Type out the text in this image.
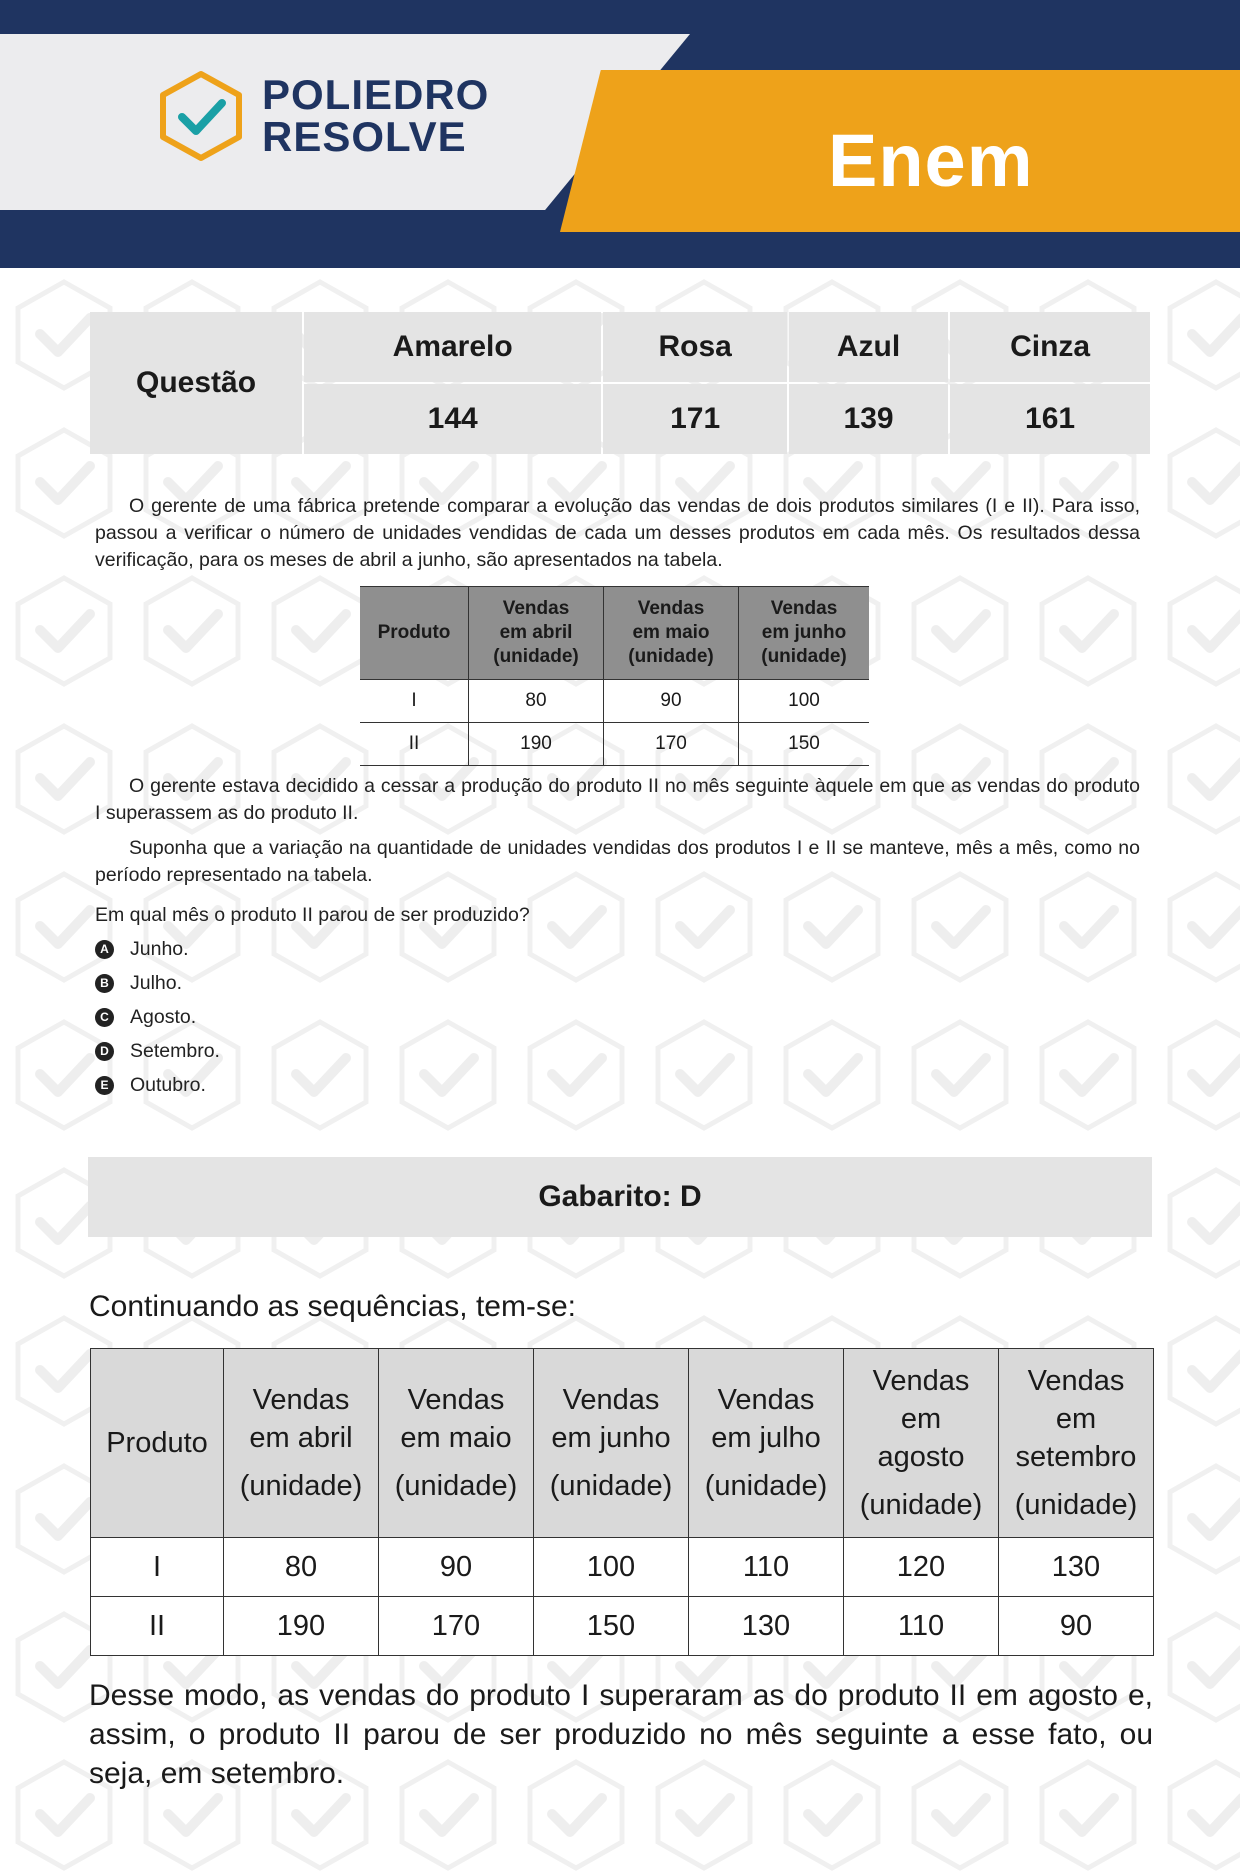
POLIEDRO
RESOLVE	Enem
Questão	Amarelo	Rosa	Azul	Cinza
	144	171	139	161
O gerente de uma fábrica pretende comparar a evolução das vendas de dois produtos similares (I e II). Para isso, passou a verificar o número de unidades vendidas de cada um desses produtos em cada mês. Os resultados dessa verificação, para os meses de abril a junho, são apresentados na tabela.
Produto	Vendas
em abril
(unidade)	Vendas
em maio
(unidade)	Vendas
em junho
(unidade)
I	80	90	100
II	190	170	150
O gerente estava decidido a cessar a produção do produto II no mês seguinte àquele em que as vendas do produto I superassem as do produto II.
Suponha que a variação na quantidade de unidades vendidas dos produtos I e II se manteve, mês a mês, como no período representado na tabela.
Em qual mês o produto II parou de ser produzido?
A Junho.
B Julho.
C Agosto.
D Setembro.
E Outubro.
Gabarito: D
Continuando as sequências, tem-se:
Produto	Vendas
em abril
(unidade)	Vendas
em maio
(unidade)	Vendas
em junho
(unidade)	Vendas
em julho
(unidade)	Vendas
em
agosto
(unidade)	Vendas
em
setembro
(unidade)

I	80	90	100	110	120	130
II	190	170	150	130	110	90
Desse modo, as vendas do produto I superaram as do produto II em agosto e, assim, o produto II parou de ser produzido no mês seguinte a esse fato, ou seja, em setembro.
